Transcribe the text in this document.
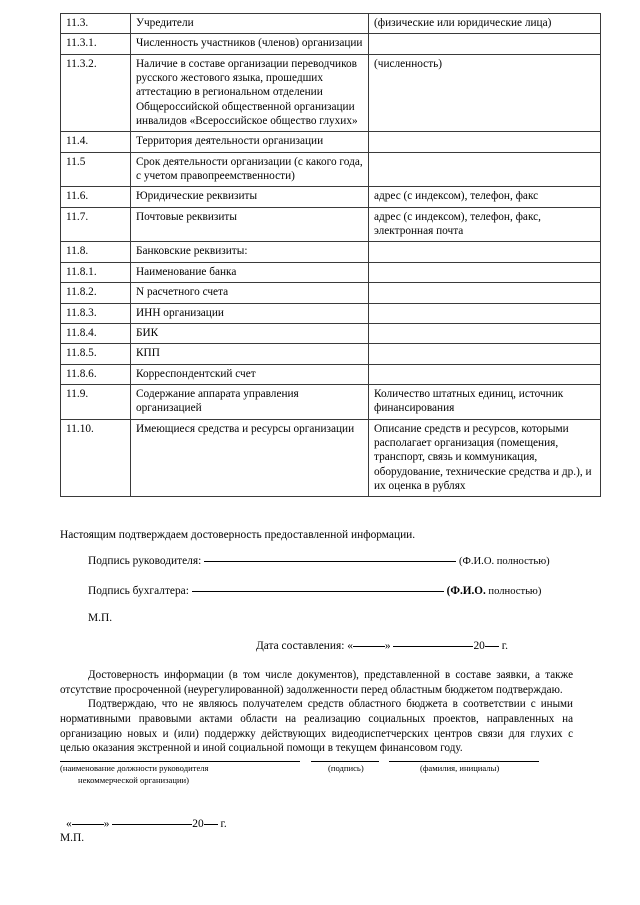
11.3.	Учредители	(физические или юридические лица)
11.3.1.	Численность участников (членов) организации	
11.3.2.	Наличие в составе организации переводчиков русского жестового языка, прошедших аттестацию в региональном отделении Общероссийской общественной организации инвалидов «Всероссийское общество глухих»	(численность)
11.4.	Территория деятельности организации	
11.5	Срок деятельности организации (с какого года, с учетом правопреемственности)	
11.6.	Юридические реквизиты	адрес (с индексом), телефон, факс
11.7.	Почтовые реквизиты	адрес (с индексом), телефон, факс, электронная почта
11.8.	Банковские реквизиты:	
11.8.1.	Наименование банка	
11.8.2.	N расчетного счета	
11.8.3.	ИНН организации	
11.8.4.	БИК	
11.8.5.	КПП	
11.8.6.	Корреспондентский счет	
11.9.	Содержание аппарата управления организацией	Количество штатных единиц, источник финансирования
11.10.	Имеющиеся средства и ресурсы организации	Описание средств и ресурсов, которыми располагает организация (помещения, транспорт, связь и коммуникация, оборудование, технические средства и др.), и их оценка в рублях
Настоящим подтверждаем достоверность предоставленной информации.
Подпись руководителя:	(Ф.И.О. полностью)
Подпись бухгалтера:	(Ф.И.О. полностью)
М.П.
Дата составления: «	»	20 г.

Достоверность информации (в том числе документов), представленной в составе заявки, а также отсутствие просроченной (неурегулированной) задолженности перед областным бюджетом подтверждаю.

Подтверждаю, что не являюсь получателем средств областного бюджета в соответствии с иными нормативными правовыми актами области на реализацию социальных проектов, направленных на организацию новых и (или) поддержку действующих видеодиспетчерских центров связи для глухих с целью оказания экстренной и иной социальной помощи в текущем финансовом году.

(наименование должности руководителя
некоммерческой организации)
(подпись)	(фамилия, инициалы)
«	»	20 г.
М.П.
